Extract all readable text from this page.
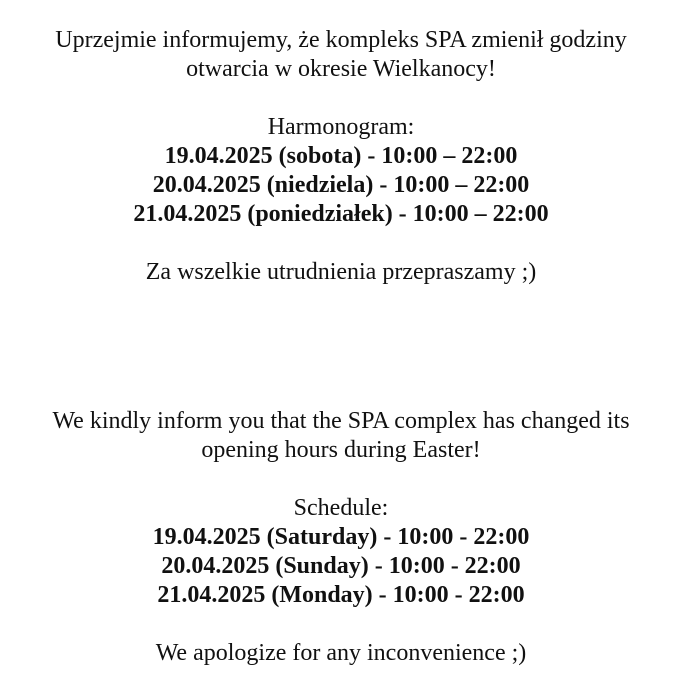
Uprzejmie informujemy, że kompleks SPA zmienił godziny
otwarcia w okresie Wielkanocy!
Harmonogram:
19.04.2025 (sobota) - 10:00 – 22:00
20.04.2025 (niedziela) - 10:00 – 22:00
21.04.2025 (poniedziałek) - 10:00 – 22:00
Za wszelkie utrudnienia przepraszamy ;)
We kindly inform you that the SPA complex has changed its
opening hours during Easter!
Schedule:
19.04.2025 (Saturday) - 10:00 - 22:00
20.04.2025 (Sunday) - 10:00 - 22:00
21.04.2025 (Monday) - 10:00 - 22:00
We apologize for any inconvenience ;)
